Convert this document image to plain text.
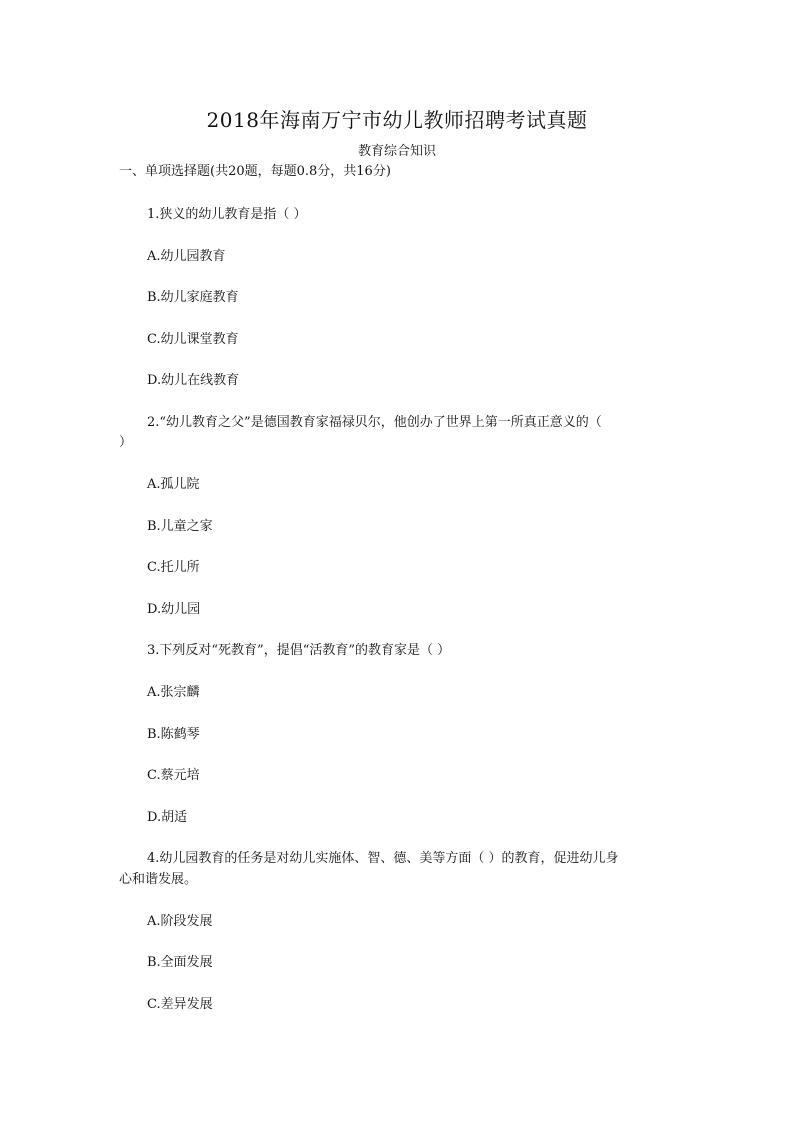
2018年海南万宁市幼儿教师招聘考试真题
教育综合知识
一、单项选择题(共20题，每题0.8分，共16分)
1.狭义的幼儿教育是指（ ）
A.幼儿园教育
B.幼儿家庭教育
C.幼儿课堂教育
D.幼儿在线教育
2.“幼儿教育之父”是德国教育家福禄贝尔，他创办了世界上第一所真正意义的（
）
A.孤儿院
B.儿童之家
C.托儿所
D.幼儿园
3.下列反对“死教育”，提倡“活教育”的教育家是（ ）
A.张宗麟
B.陈鹤琴
C.蔡元培
D.胡适
4.幼儿园教育的任务是对幼儿实施体、智、德、美等方面（ ）的教育，促进幼儿身
心和谐发展。
A.阶段发展
B.全面发展
C.差异发展
